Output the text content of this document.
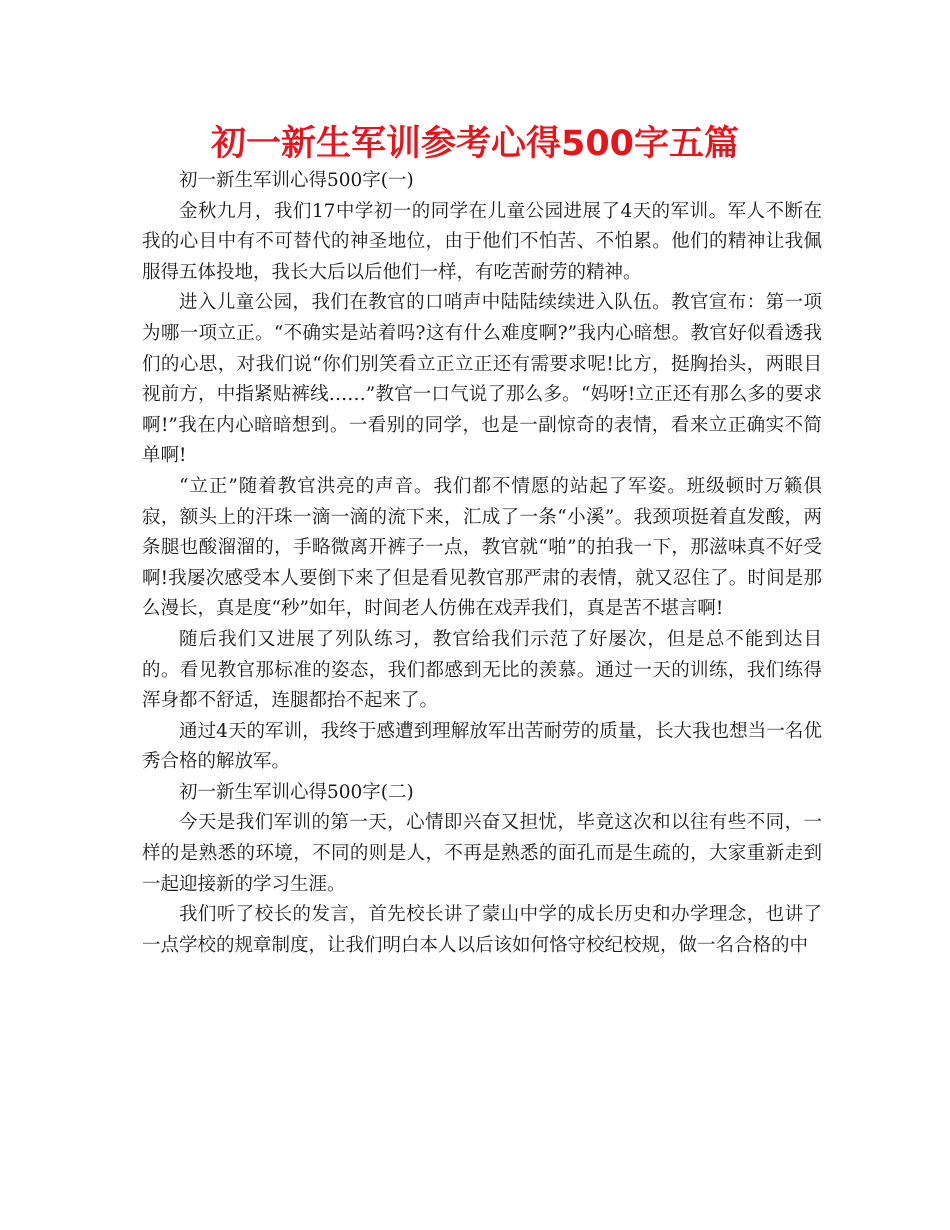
初一新生军训参考心得500字五篇

初一新生军训心得500字(一)

金秋九月，我们17中学初一的同学在儿童公园进展了4天的军训。军人不断在我的心目中有不可替代的神圣地位，由于他们不怕苦、不怕累。他们的精神让我佩服得五体投地，我长大后以后他们一样，有吃苦耐劳的精神。

进入儿童公园，我们在教官的口哨声中陆陆续续进入队伍。教官宣布：第一项为哪一项立正。“不确实是站着吗?这有什么难度啊?”我内心暗想。教官好似看透我们的心思，对我们说“你们别笑看立正立正还有需要求呢!比方，挺胸抬头，两眼目视前方，中指紧贴裤线……”教官一口气说了那么多。“妈呀!立正还有那么多的要求啊!”我在内心暗暗想到。一看别的同学，也是一副惊奇的表情，看来立正确实不简单啊!

“立正”随着教官洪亮的声音。我们都不情愿的站起了军姿。班级顿时万籁俱寂，额头上的汗珠一滴一滴的流下来，汇成了一条“小溪”。我颈项挺着直发酸，两条腿也酸溜溜的，手略微离开裤子一点，教官就“啪”的拍我一下，那滋味真不好受啊!我屡次感受本人要倒下来了但是看见教官那严肃的表情，就又忍住了。时间是那么漫长，真是度“秒”如年，时间老人仿佛在戏弄我们，真是苦不堪言啊!

随后我们又进展了列队练习，教官给我们示范了好屡次，但是总不能到达目的。看见教官那标准的姿态，我们都感到无比的羡慕。通过一天的训练，我们练得浑身都不舒适，连腿都抬不起来了。

通过4天的军训，我终于感遭到理解放军出苦耐劳的质量，长大我也想当一名优秀合格的解放军。

初一新生军训心得500字(二)

今天是我们军训的第一天，心情即兴奋又担忧，毕竟这次和以往有些不同，一样的是熟悉的环境，不同的则是人，不再是熟悉的面孔而是生疏的，大家重新走到一起迎接新的学习生涯。

我们听了校长的发言，首先校长讲了蒙山中学的成长历史和办学理念，也讲了一点学校的规章制度，让我们明白本人以后该如何恪守校纪校规，做一名合格的中
